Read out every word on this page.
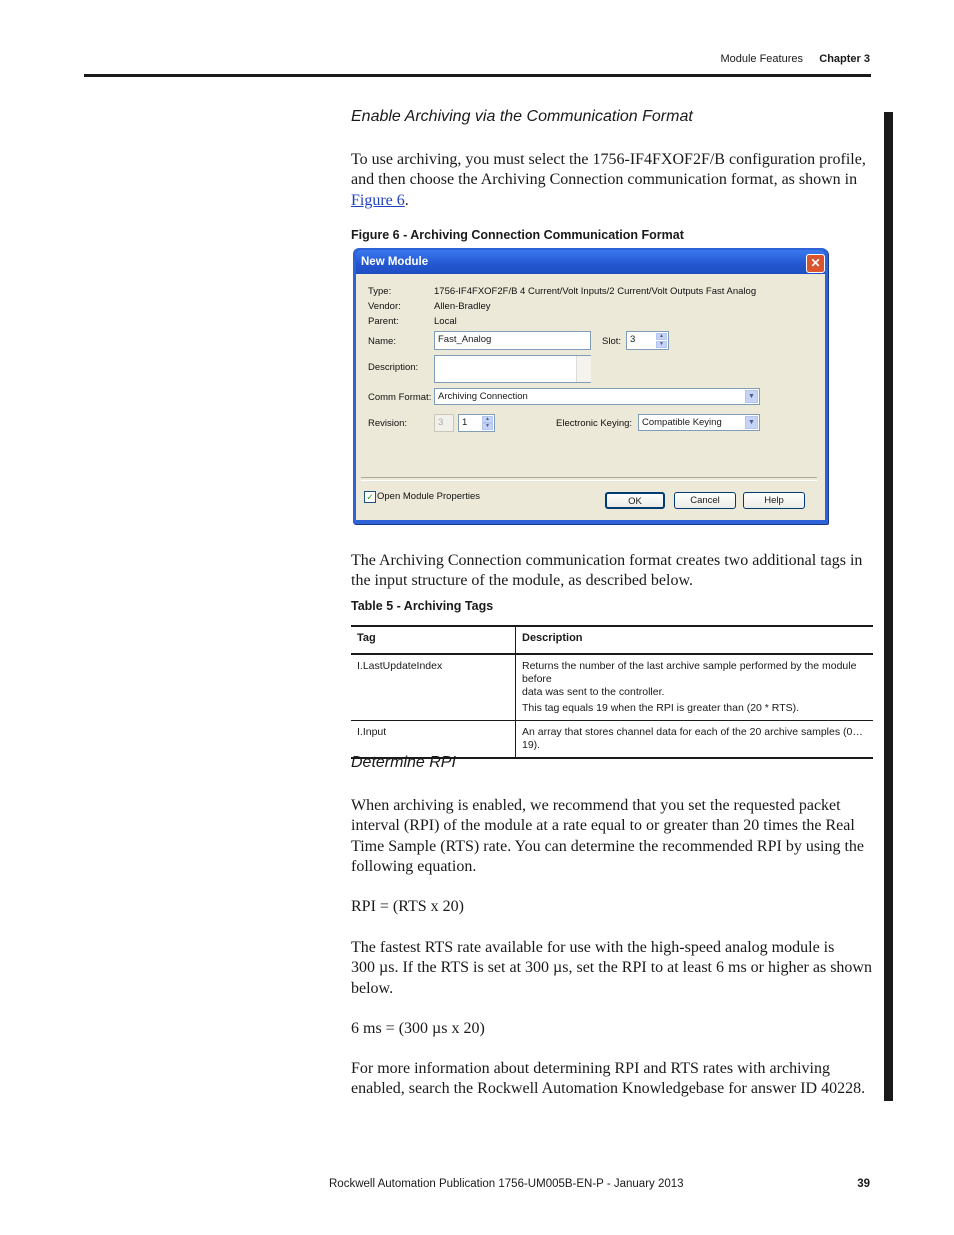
Module Features	Chapter 3
Enable Archiving via the Communication Format

To use archiving, you must select the 1756-IF4FXOF2F/B configuration profile,

and then choose the Archiving Connection communication format, as shown in

Figure 6.

Figure 6 - Archiving Connection Communication Format
New Module	✕
Type:	1756-IF4FXOF2F/B 4 Current/Volt Inputs/2 Current/Volt Outputs Fast Analog
Vendor:	Allen-Bradley
Parent:	Local
Name:	Fast_Analog	Slot: 3	▲
▼
Description:
Comm Format: Archiving Connection	▼
Revision:	3	1	▲
▼	Electronic Keying:	Compatible Keying	▼
✓ Open Module Properties	OK	Cancel	Help

The Archiving Connection communication format creates two additional tags in

the input structure of the module, as described below.

Table 5 - Archiving Tags
Tag	Description
I.LastUpdateIndex	Returns the number of the last archive sample performed by the module before
data was sent to the controller.
This tag equals 19 when the RPI is greater than (20 * RTS).

I.Input	An array that stores channel data for each of the 20 archive samples (0…19).
Determine RPI

When archiving is enabled, we recommend that you set the requested packet

interval (RPI) of the module at a rate equal to or greater than 20 times the Real

Time Sample (RTS) rate. You can determine the recommended RPI by using the

following equation.

RPI = (RTS x 20)

The fastest RTS rate available for use with the high-speed analog module is

300 µs. If the RTS is set at 300 µs, set the RPI to at least 6 ms or higher as shown

below.

6 ms = (300 µs x 20)

For more information about determining RPI and RTS rates with archiving

enabled, search the Rockwell Automation Knowledgebase for answer ID 40228.

Rockwell Automation Publication 1756-UM005B-EN-P - January 2013	39
